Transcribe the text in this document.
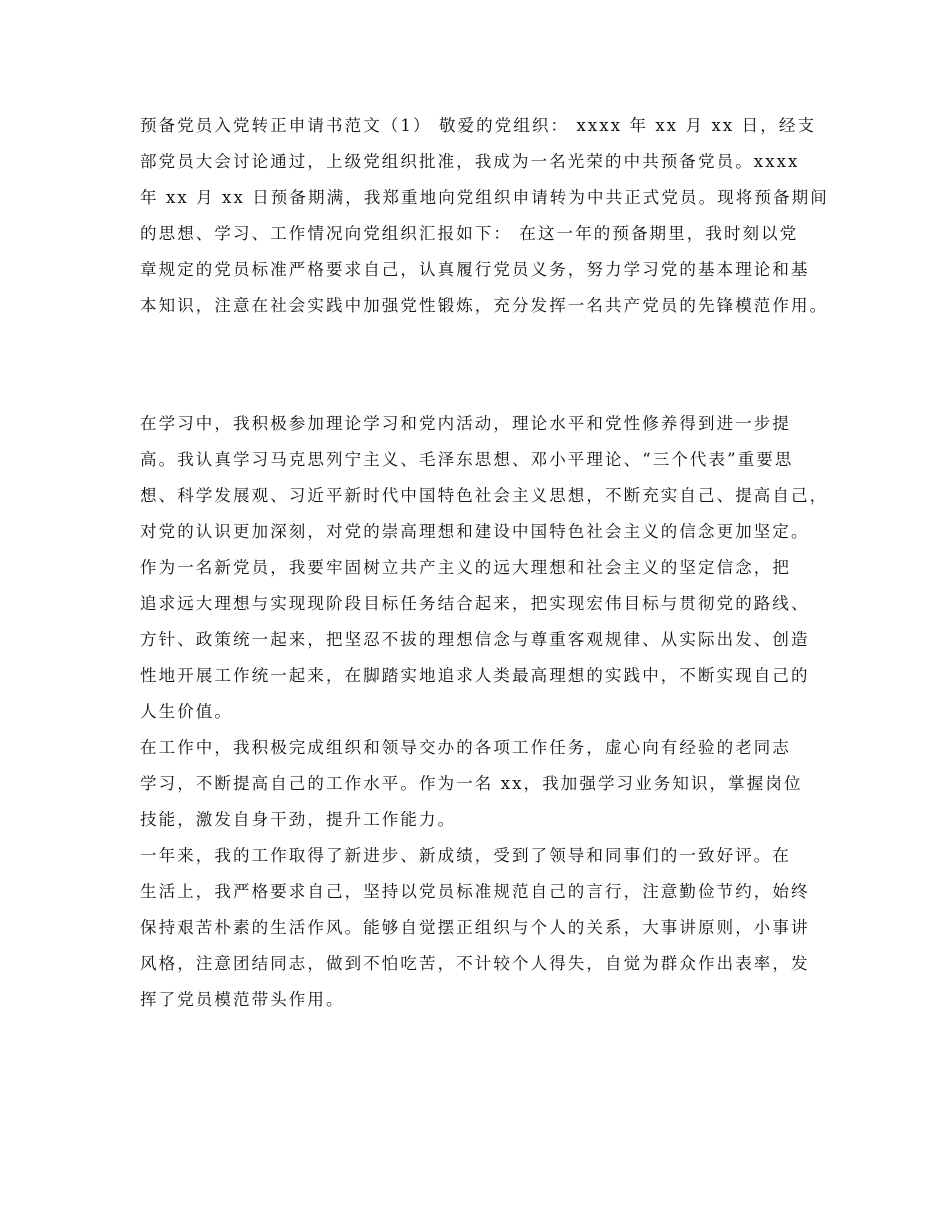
预备党员入党转正申请书范文（1） 敬爱的党组织： xxxx 年 xx 月 xx 日，经支
部党员大会讨论通过，上级党组织批准，我成为一名光荣的中共预备党员。xxxx
年 xx 月 xx 日预备期满，我郑重地向党组织申请转为中共正式党员。现将预备期间
的思想、学习、工作情况向党组织汇报如下： 在这一年的预备期里，我时刻以党
章规定的党员标准严格要求自己，认真履行党员义务，努力学习党的基本理论和基
本知识，注意在社会实践中加强党性锻炼，充分发挥一名共产党员的先锋模范作用。
在学习中，我积极参加理论学习和党内活动，理论水平和党性修养得到进一步提
高。我认真学习马克思列宁主义、毛泽东思想、邓小平理论、“三个代表”重要思
想、科学发展观、习近平新时代中国特色社会主义思想，不断充实自己、提高自己，
对党的认识更加深刻，对党的崇高理想和建设中国特色社会主义的信念更加坚定。
作为一名新党员，我要牢固树立共产主义的远大理想和社会主义的坚定信念，把
追求远大理想与实现现阶段目标任务结合起来，把实现宏伟目标与贯彻党的路线、
方针、政策统一起来，把坚忍不拔的理想信念与尊重客观规律、从实际出发、创造
性地开展工作统一起来，在脚踏实地追求人类最高理想的实践中，不断实现自己的
人生价值。
在工作中，我积极完成组织和领导交办的各项工作任务，虚心向有经验的老同志
学习，不断提高自己的工作水平。作为一名 xx，我加强学习业务知识，掌握岗位
技能，激发自身干劲，提升工作能力。
一年来，我的工作取得了新进步、新成绩，受到了领导和同事们的一致好评。在
生活上，我严格要求自己，坚持以党员标准规范自己的言行，注意勤俭节约，始终
保持艰苦朴素的生活作风。能够自觉摆正组织与个人的关系，大事讲原则，小事讲
风格，注意团结同志，做到不怕吃苦，不计较个人得失，自觉为群众作出表率，发
挥了党员模范带头作用。
